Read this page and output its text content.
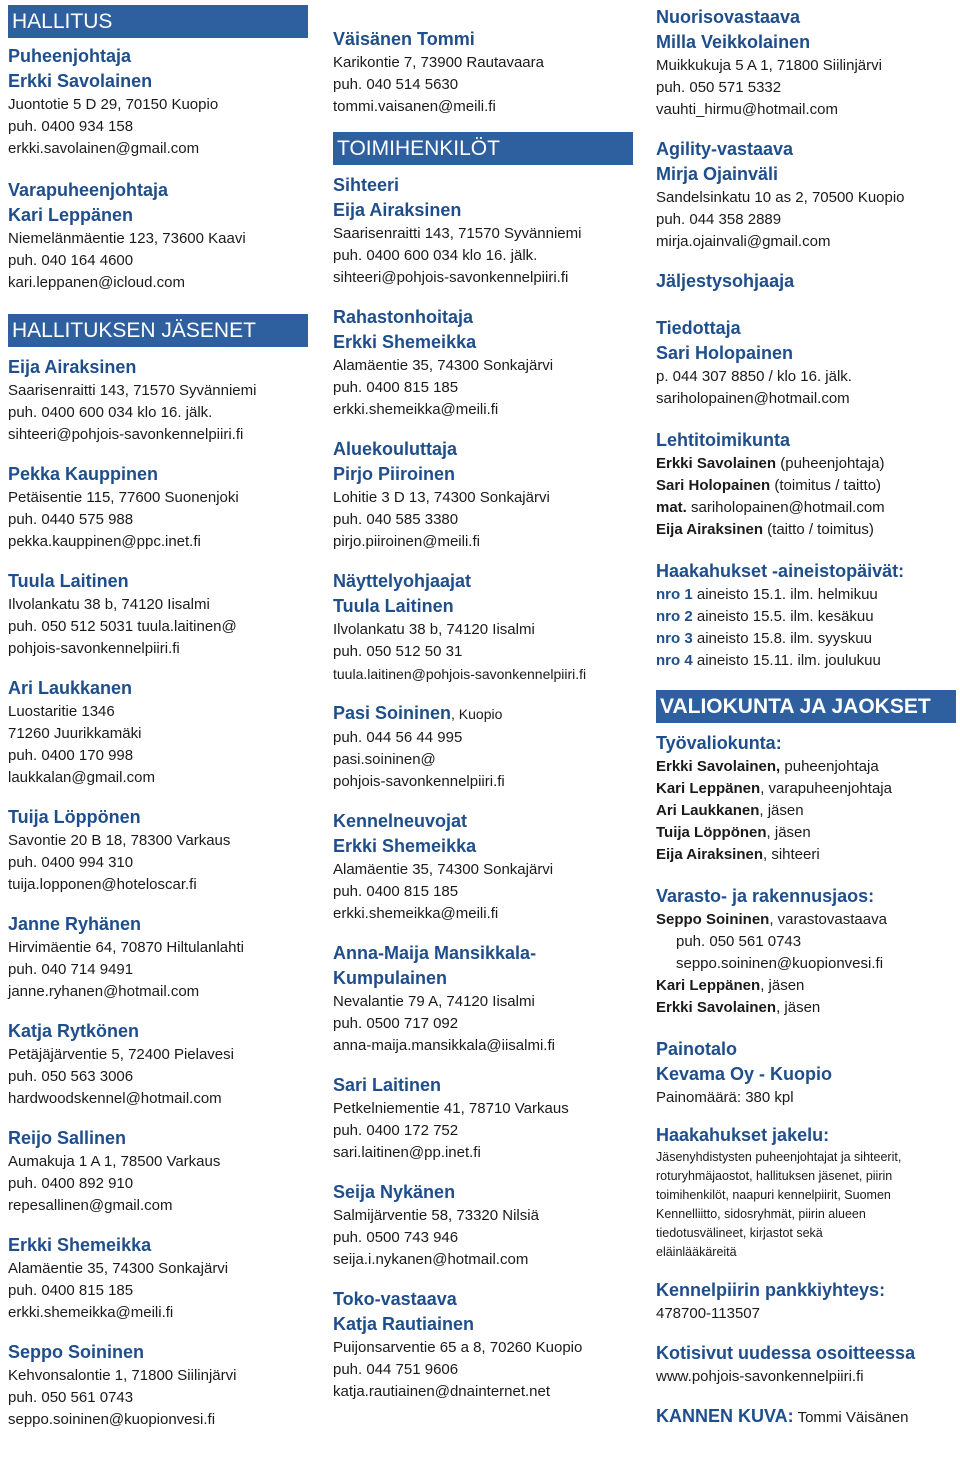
HALLITUS
Puheenjohtaja
Erkki Savolainen
Juontotie 5 D 29, 70150 Kuopio
puh. 0400 934 158
erkki.savolainen@gmail.com
Varapuheenjohtaja
Kari Leppänen
Niemelänmäentie 123, 73600 Kaavi
puh. 040 164 4600
kari.leppanen@icloud.com
HALLITUKSEN JÄSENET
Eija Airaksinen
Saarisenraitti 143, 71570 Syvänniemi
puh. 0400 600 034 klo 16. jälk.
sihteeri@pohjois-savonkennelpiiri.fi
Pekka Kauppinen
Petäisentie 115, 77600 Suonenjoki
puh. 0440 575 988
pekka.kauppinen@ppc.inet.fi
Tuula Laitinen
Ilvolankatu 38 b, 74120 Iisalmi
puh. 050 512 5031 tuula.laitinen@
pohjois-savonkennelpiiri.fi
Ari Laukkanen
Luostaritie 1346
71260 Juurikkamäki
puh. 0400 170 998
laukkalan@gmail.com
Tuija Löppönen
Savontie 20 B 18, 78300 Varkaus
puh. 0400 994 310
tuija.lopponen@hoteloscar.fi
Janne Ryhänen
Hirvimäentie 64, 70870 Hiltulanlahti
puh. 040 714 9491
janne.ryhanen@hotmail.com
Katja Rytkönen
Petäjäjärventie 5, 72400 Pielavesi
puh. 050 563 3006
hardwoodskennel@hotmail.com
Reijo Sallinen
Aumakuja 1 A 1, 78500 Varkaus
puh. 0400 892 910
repesallinen@gmail.com
Erkki Shemeikka
Alamäentie 35, 74300 Sonkajärvi
puh. 0400 815 185
erkki.shemeikka@meili.fi
Seppo Soininen
Kehvonsalontie 1, 71800 Siilinjärvi
puh. 050 561 0743
seppo.soininen@kuopionvesi.fi
Väisänen Tommi
Karikontie 7, 73900 Rautavaara
puh. 040 514 5630
tommi.vaisanen@meili.fi
TOIMIHENKILÖT
Sihteeri
Eija Airaksinen
Saarisenraitti 143, 71570 Syvänniemi
puh. 0400 600 034 klo 16. jälk.
sihteeri@pohjois-savonkennelpiiri.fi
Rahastonhoitaja
Erkki Shemeikka
Alamäentie 35, 74300 Sonkajärvi
puh. 0400 815 185
erkki.shemeikka@meili.fi
Aluekouluttaja
Pirjo Piiroinen
Lohitie 3 D 13, 74300 Sonkajärvi
puh. 040 585 3380
pirjo.piiroinen@meili.fi
Näyttelyohjaajat
Tuula Laitinen
Ilvolankatu 38 b, 74120 Iisalmi
puh. 050 512 50 31
tuula.laitinen@pohjois-savonkennelpiiri.fi
Pasi Soininen, Kuopio
puh. 044 56 44 995
pasi.soininen@
pohjois-savonkennelpiiri.fi
Kennelneuvojat
Erkki Shemeikka
Alamäentie 35, 74300 Sonkajärvi
puh. 0400 815 185
erkki.shemeikka@meili.fi
Anna-Maija Mansikkala-
Kumpulainen
Nevalantie 79 A, 74120 Iisalmi
puh. 0500 717 092
anna-maija.mansikkala@iisalmi.fi
Sari Laitinen
Petkelniementie 41, 78710 Varkaus
puh. 0400 172 752
sari.laitinen@pp.inet.fi
Seija Nykänen
Salmijärventie 58, 73320 Nilsiä
puh. 0500 743 946
seija.i.nykanen@hotmail.com
Toko-vastaava
Katja Rautiainen
Puijonsarventie 65 a 8, 70260 Kuopio
puh. 044 751 9606
katja.rautiainen@dnainternet.net
Nuorisovastaava
Milla Veikkolainen
Muikkukuja 5 A 1, 71800 Siilinjärvi
puh. 050 571 5332
vauhti_hirmu@hotmail.com
Agility-vastaava
Mirja Ojainväli
Sandelsinkatu 10 as 2, 70500 Kuopio
puh. 044 358 2889
mirja.ojainvali@gmail.com
Jäljestysohjaaja
Tiedottaja
Sari Holopainen
p. 044 307 8850 / klo 16. jälk.
sariholopainen@hotmail.com
Lehtitoimikunta
Erkki Savolainen (puheenjohtaja)
Sari Holopainen (toimitus / taitto)
mat. sariholopainen@hotmail.com
Eija Airaksinen (taitto / toimitus)
Haakahukset -aineistopäivät:
nro 1 aineisto 15.1. ilm. helmikuu
nro 2 aineisto 15.5. ilm. kesäkuu
nro 3 aineisto 15.8. ilm. syyskuu
nro 4 aineisto 15.11. ilm. joulukuu
VALIOKUNTA JA JAOKSET
Työvaliokunta:
Erkki Savolainen, puheenjohtaja
Kari Leppänen, varapuheenjohtaja
Ari Laukkanen, jäsen
Tuija Löppönen, jäsen
Eija Airaksinen, sihteeri
Varasto- ja rakennusjaos:
Seppo Soininen, varastovastaava
puh. 050 561 0743
seppo.soininen@kuopionvesi.fi
Kari Leppänen, jäsen
Erkki Savolainen, jäsen
Painotalo
Kevama Oy - Kuopio
Painomäärä: 380 kpl
Haakahukset jakelu:
Jäsenyhdistysten puheenjohtajat ja sihteerit,
roturyhmäjaostot, hallituksen jäsenet, piirin
toimihenkilöt, naapuri kennelpiirit, Suomen
Kennelliitto, sidosryhmät, piirin alueen
tiedotusvälineet, kirjastot sekä
eläinlääkäreitä
Kennelpiirin pankkiyhteys:
478700-113507
Kotisivut uudessa osoitteessa
www.pohjois-savonkennelpiiri.fi
KANNEN KUVA: Tommi Väisänen
